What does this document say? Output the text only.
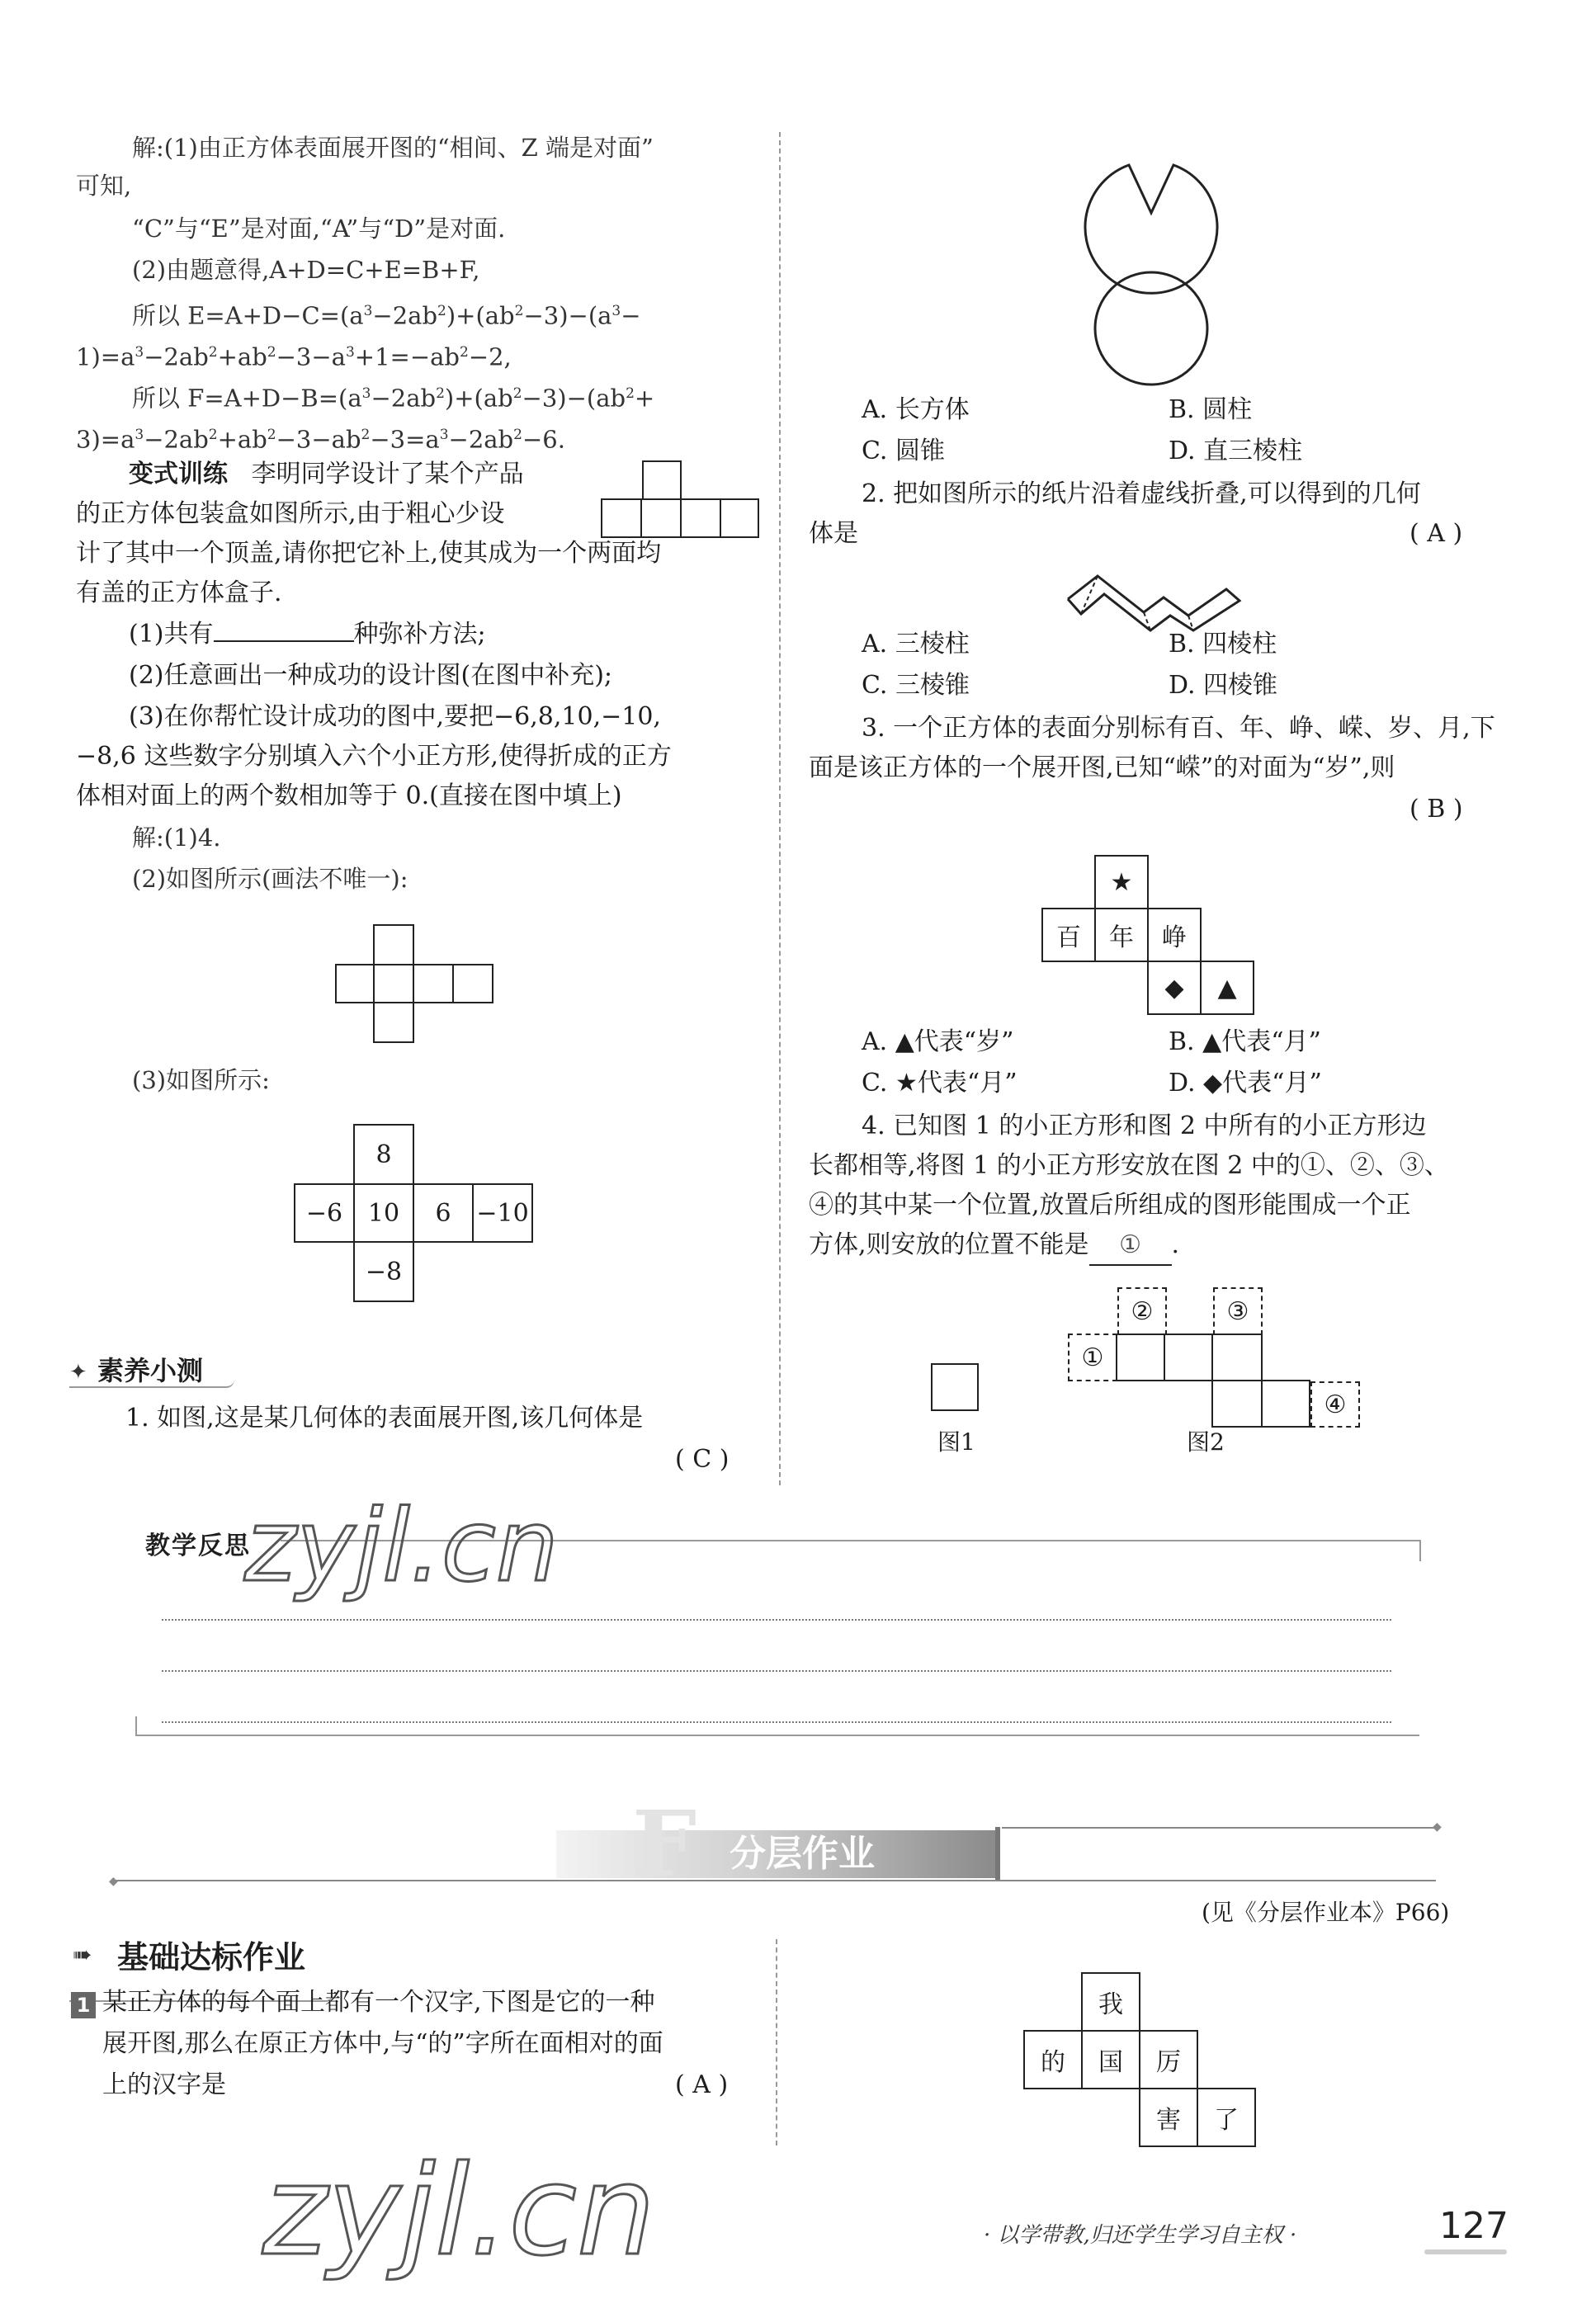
解:(1)由正方体表面展开图的“相间、Z 端是对面”
可知,
“C”与“E”是对面,“A”与“D”是对面.
(2)由题意得,A+D=C+E=B+F,
所以 $E=A+D-C=(a^3-2ab^2)+(ab^2-3)-(a^3-$
$1)=a^3-2ab^2+ab^2-3-a^3+1=-ab^2-2$,
所以 $F=A+D-B=(a^3-2ab^2)+(ab^2-3)-(ab^2+$
$3)=a^3-2ab^2+ab^2-3-ab^2-3=a^3-2ab^2-6$.
变式训练 李明同学设计了某个产品
的正方体包装盒如图所示,由于粗心少设
计了其中一个顶盖,请你把它补上,使其成为一个两面均
有盖的正方体盒子.
(1)共有	种弥补方法;
(2)任意画出一种成功的设计图(在图中补充);
(3)在你帮忙设计成功的图中,要把−6,8,10,−10,
−8,6 这些数字分别填入六个小正方形,使得折成的正方
体相对面上的两个数相加等于 0.(直接在图中填上)
解:(1)4.
(2)如图所示(画法不唯一):
(3)如图所示:
8
−6	10	6	−10
−8
✦ 素养小测
1. 如图,这是某几何体的表面展开图,该几何体是
( C )
A. 长方体	B. 圆柱
C. 圆锥	D. 直三棱柱
2. 把如图所示的纸片沿着虚线折叠,可以得到的几何
体是	( A )
A. 三棱柱	B. 四棱柱
C. 三棱锥	D. 四棱锥
3. 一个正方体的表面分别标有百、年、峥、嵘、岁、月,下
面是该正方体的一个展开图,已知“嵘”的对面为“岁”,则
( B )
★
百	年	峥
◆	▲
A. ▲代表“岁”	B. ▲代表“月”
C. ★代表“月”	D. ◆代表“月”
4. 已知图 1 的小正方形和图 2 中所有的小正方形边
长都相等,将图 1 的小正方形安放在图 2 中的①、②、③、
④的其中某一个位置,放置后所组成的图形能围成一个正
方体,则安放的位置不能是 ① .
图1
②	③
①
④
图2
教学反思
◆
◆
F 分层作业
(见《分层作业本》P66)
➠ 基础达标作业
1 某正方体的每个面上都有一个汉字,下图是它的一种
展开图,那么在原正方体中,与“的”字所在面相对的面
上的汉字是	( A )
我
的	国	厉
害	了
· 以学带教,归还学生学习自主权 ·	127
zyjl.cn
zyjl.cn
